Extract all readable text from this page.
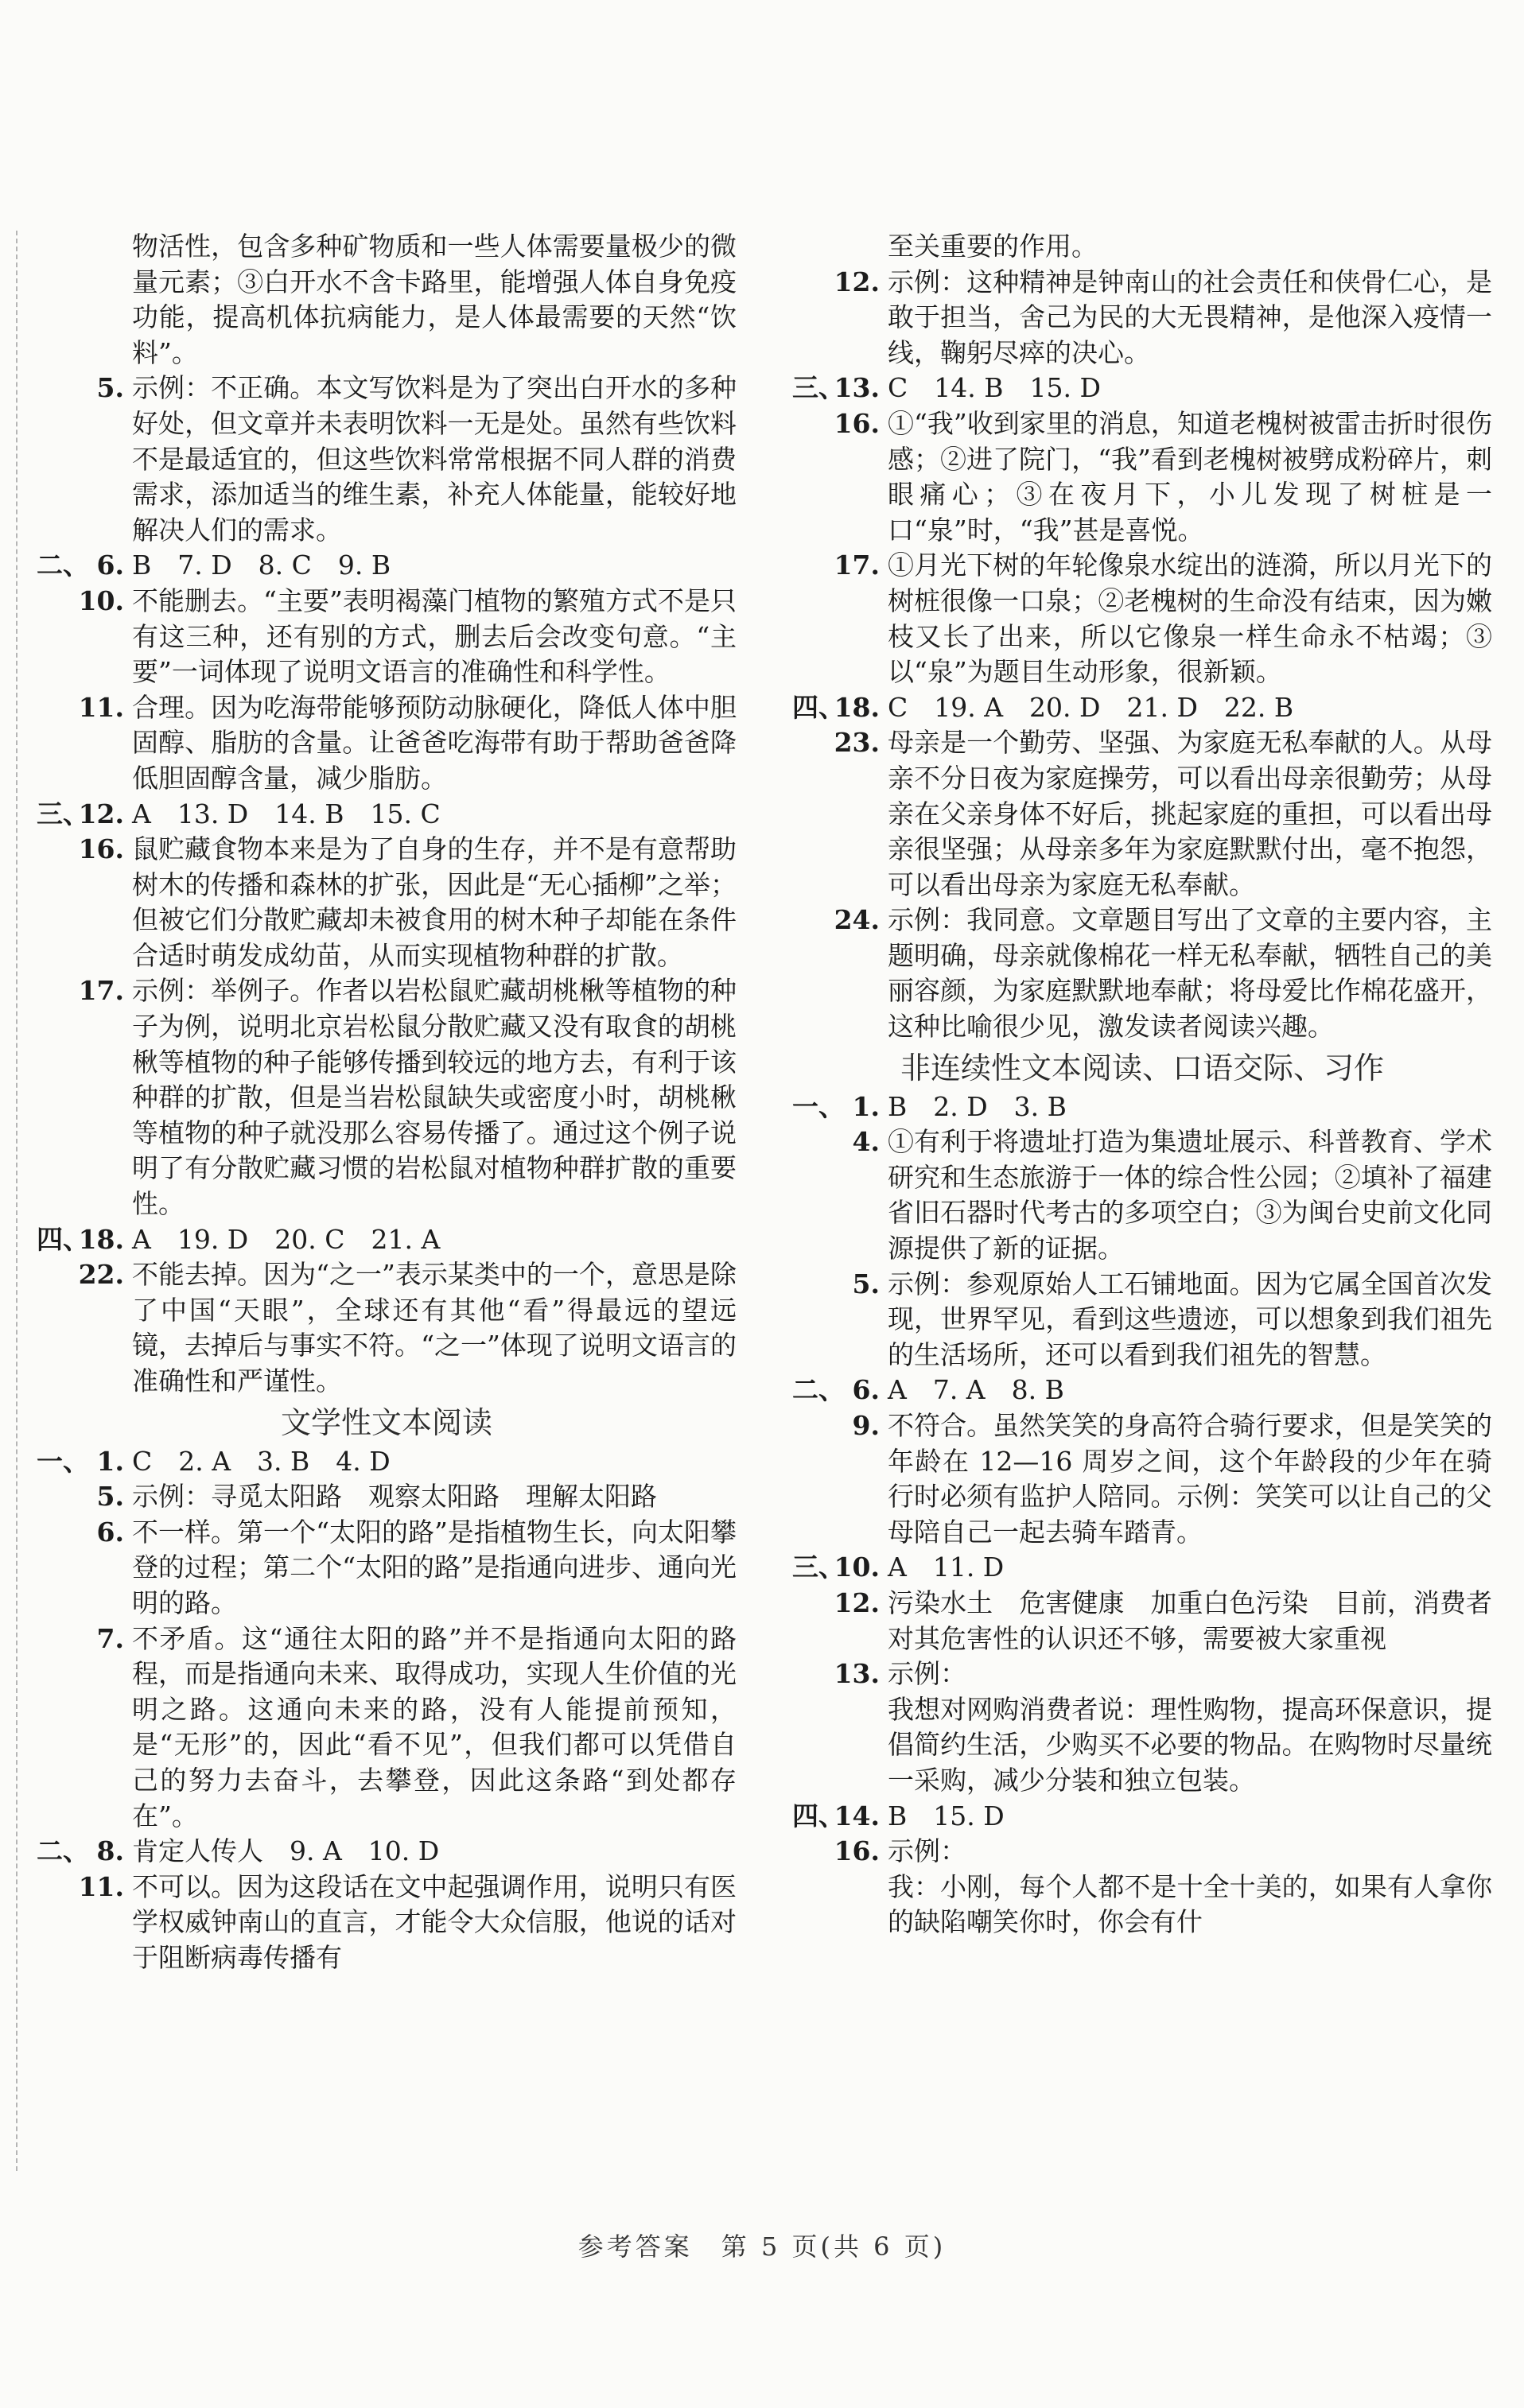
物活性，包含多种矿物质和一些人体需要量极少的微量元素；③白开水不含卡路里，能增强人体自身免疫功能，提高机体抗病能力，是人体最需要的天然“饮料”。
5. 示例：不正确。本文写饮料是为了突出白开水的多种好处，但文章并未表明饮料一无是处。虽然有些饮料不是最适宜的，但这些饮料常常根据不同人群的消费需求，添加适当的维生素，补充人体能量，能较好地解决人们的需求。
二、 6. B　7. D　8. C　9. B
10. 不能删去。“主要”表明褐藻门植物的繁殖方式不是只有这三种，还有别的方式，删去后会改变句意。“主要”一词体现了说明文语言的准确性和科学性。
11. 合理。因为吃海带能够预防动脉硬化，降低人体中胆固醇、脂肪的含量。让爸爸吃海带有助于帮助爸爸降低胆固醇含量，减少脂肪。
三、
12. A　13. D　14. B　15. C
16. 鼠贮藏食物本来是为了自身的生存，并不是有意帮助树木的传播和森林的扩张，因此是“无心插柳”之举；但被它们分散贮藏却未被食用的树木种子却能在条件合适时萌发成幼苗，从而实现植物种群的扩散。
17. 示例：举例子。作者以岩松鼠贮藏胡桃楸等植物的种子为例，说明北京岩松鼠分散贮藏又没有取食的胡桃楸等植物的种子能够传播到较远的地方去，有利于该种群的扩散，但是当岩松鼠缺失或密度小时，胡桃楸等植物的种子就没那么容易传播了。通过这个例子说明了有分散贮藏习惯的岩松鼠对植物种群扩散的重要性。
四、
18. A　19. D　20. C　21. A
22. 不能去掉。因为“之一”表示某类中的一个，意思是除了中国“天眼”，全球还有其他“看”得最远的望远镜，去掉后与事实不符。“之一”体现了说明文语言的准确性和严谨性。
文学性文本阅读
一、 1. C　2. A　3. B　4. D
5. 示例：寻觅太阳路　观察太阳路　理解太阳路
6. 不一样。第一个“太阳的路”是指植物生长，向太阳攀登的过程；第二个“太阳的路”是指通向进步、通向光明的路。
7. 不矛盾。这“通往太阳的路”并不是指通向太阳的路程，而是指通向未来、取得成功，实现人生价值的光明之路。这通向未来的路，没有人能提前预知，是“无形”的，因此“看不见”，但我们都可以凭借自己的努力去奋斗，去攀登，因此这条路“到处都存在”。
二、 8. 肯定人传人　9. A　10. D
11. 不可以。因为这段话在文中起强调作用，说明只有医学权威钟南山的直言，才能令大众信服，他说的话对于阻断病毒传播有
至关重要的作用。
12. 示例：这种精神是钟南山的社会责任和侠骨仁心，是敢于担当，舍己为民的大无畏精神，是他深入疫情一线，鞠躬尽瘁的决心。
三、
13. C　14. B　15. D
16. ①“我”收到家里的消息，知道老槐树被雷击折时很伤感；②进了院门，“我”看到老槐树被劈成粉碎片，刺眼痛心；③在夜月下，小儿发现了树桩是一口“泉”时，“我”甚是喜悦。
17. ①月光下树的年轮像泉水绽出的涟漪，所以月光下的树桩很像一口泉；②老槐树的生命没有结束，因为嫩枝又长了出来，所以它像泉一样生命永不枯竭；③以“泉”为题目生动形象，很新颖。
四、
18. C　19. A　20. D　21. D　22. B
23. 母亲是一个勤劳、坚强、为家庭无私奉献的人。从母亲不分日夜为家庭操劳，可以看出母亲很勤劳；从母亲在父亲身体不好后，挑起家庭的重担，可以看出母亲很坚强；从母亲多年为家庭默默付出，毫不抱怨，可以看出母亲为家庭无私奉献。
24. 示例：我同意。文章题目写出了文章的主要内容，主题明确，母亲就像棉花一样无私奉献，牺牲自己的美丽容颜，为家庭默默地奉献；将母爱比作棉花盛开，这种比喻很少见，激发读者阅读兴趣。
非连续性文本阅读、口语交际、习作
一、 1. B　2. D　3. B
4. ①有利于将遗址打造为集遗址展示、科普教育、学术研究和生态旅游于一体的综合性公园；②填补了福建省旧石器时代考古的多项空白；③为闽台史前文化同源提供了新的证据。
5. 示例：参观原始人工石铺地面。因为它属全国首次发现，世界罕见，看到这些遗迹，可以想象到我们祖先的生活场所，还可以看到我们祖先的智慧。
二、 6. A　7. A　8. B
9. 不符合。虽然笑笑的身高符合骑行要求，但是笑笑的年龄在 12—16 周岁之间，这个年龄段的少年在骑行时必须有监护人陪同。示例：笑笑可以让自己的父母陪自己一起去骑车踏青。
三、
10. A　11. D
12. 污染水土　危害健康　加重白色污染　目前，消费者对其危害性的认识还不够，需要被大家重视
13. 示例：
我想对网购消费者说：理性购物，提高环保意识，提倡简约生活，少购买不必要的物品。在购物时尽量统一采购，减少分装和独立包装。
四、
14. B　15. D
16. 示例：
我：小刚，每个人都不是十全十美的，如果有人拿你的缺陷嘲笑你时，你会有什
参考答案　第 5 页(共 6 页)
